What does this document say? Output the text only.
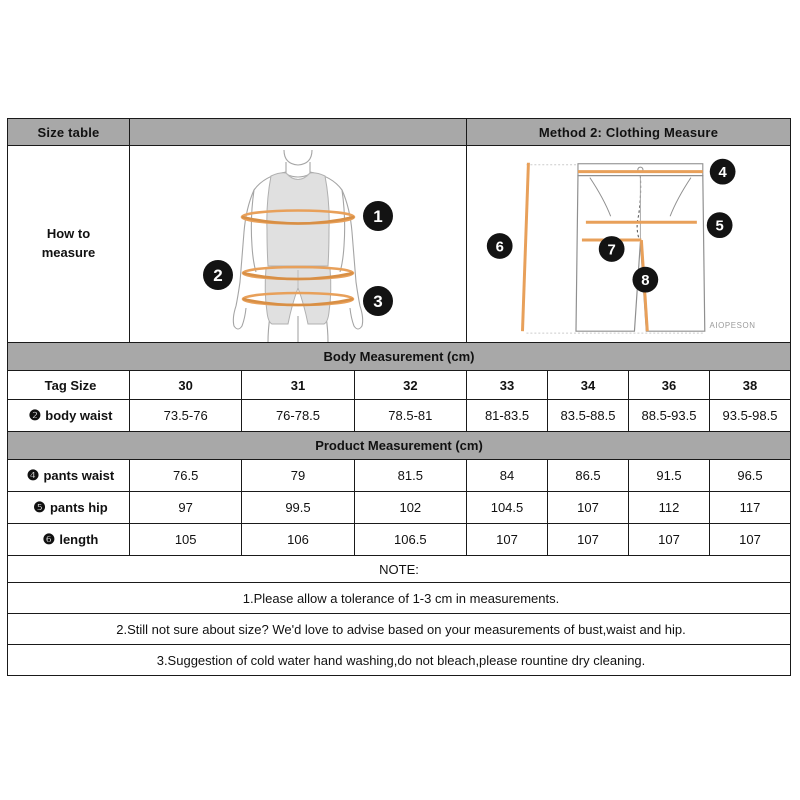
Size table				Method 2: Clothing Measure			

How to
measure

1
2
3

4
5
6	7
8
AIOPESON

Body Measurement (cm)							
Tag Size	30	31	32	33	34	36	38
❷ body waist	73.5-76	76-78.5	78.5-81	81-83.5	83.5-88.5	88.5-93.5	93.5-98.5
Product Measurement (cm)							
❹ pants waist	76.5	79	81.5	84	86.5	91.5	96.5
❺ pants hip	97	99.5	102	104.5	107	112	117
❻ length	105	106	106.5	107	107	107	107
NOTE:							
1.Please allow a tolerance of 1-3 cm in measurements.							
2.Still not sure about size? We'd love to advise based on your measurements of bust,waist and hip.							
3.Suggestion of cold water hand washing,do not bleach,please rountine dry cleaning.							
